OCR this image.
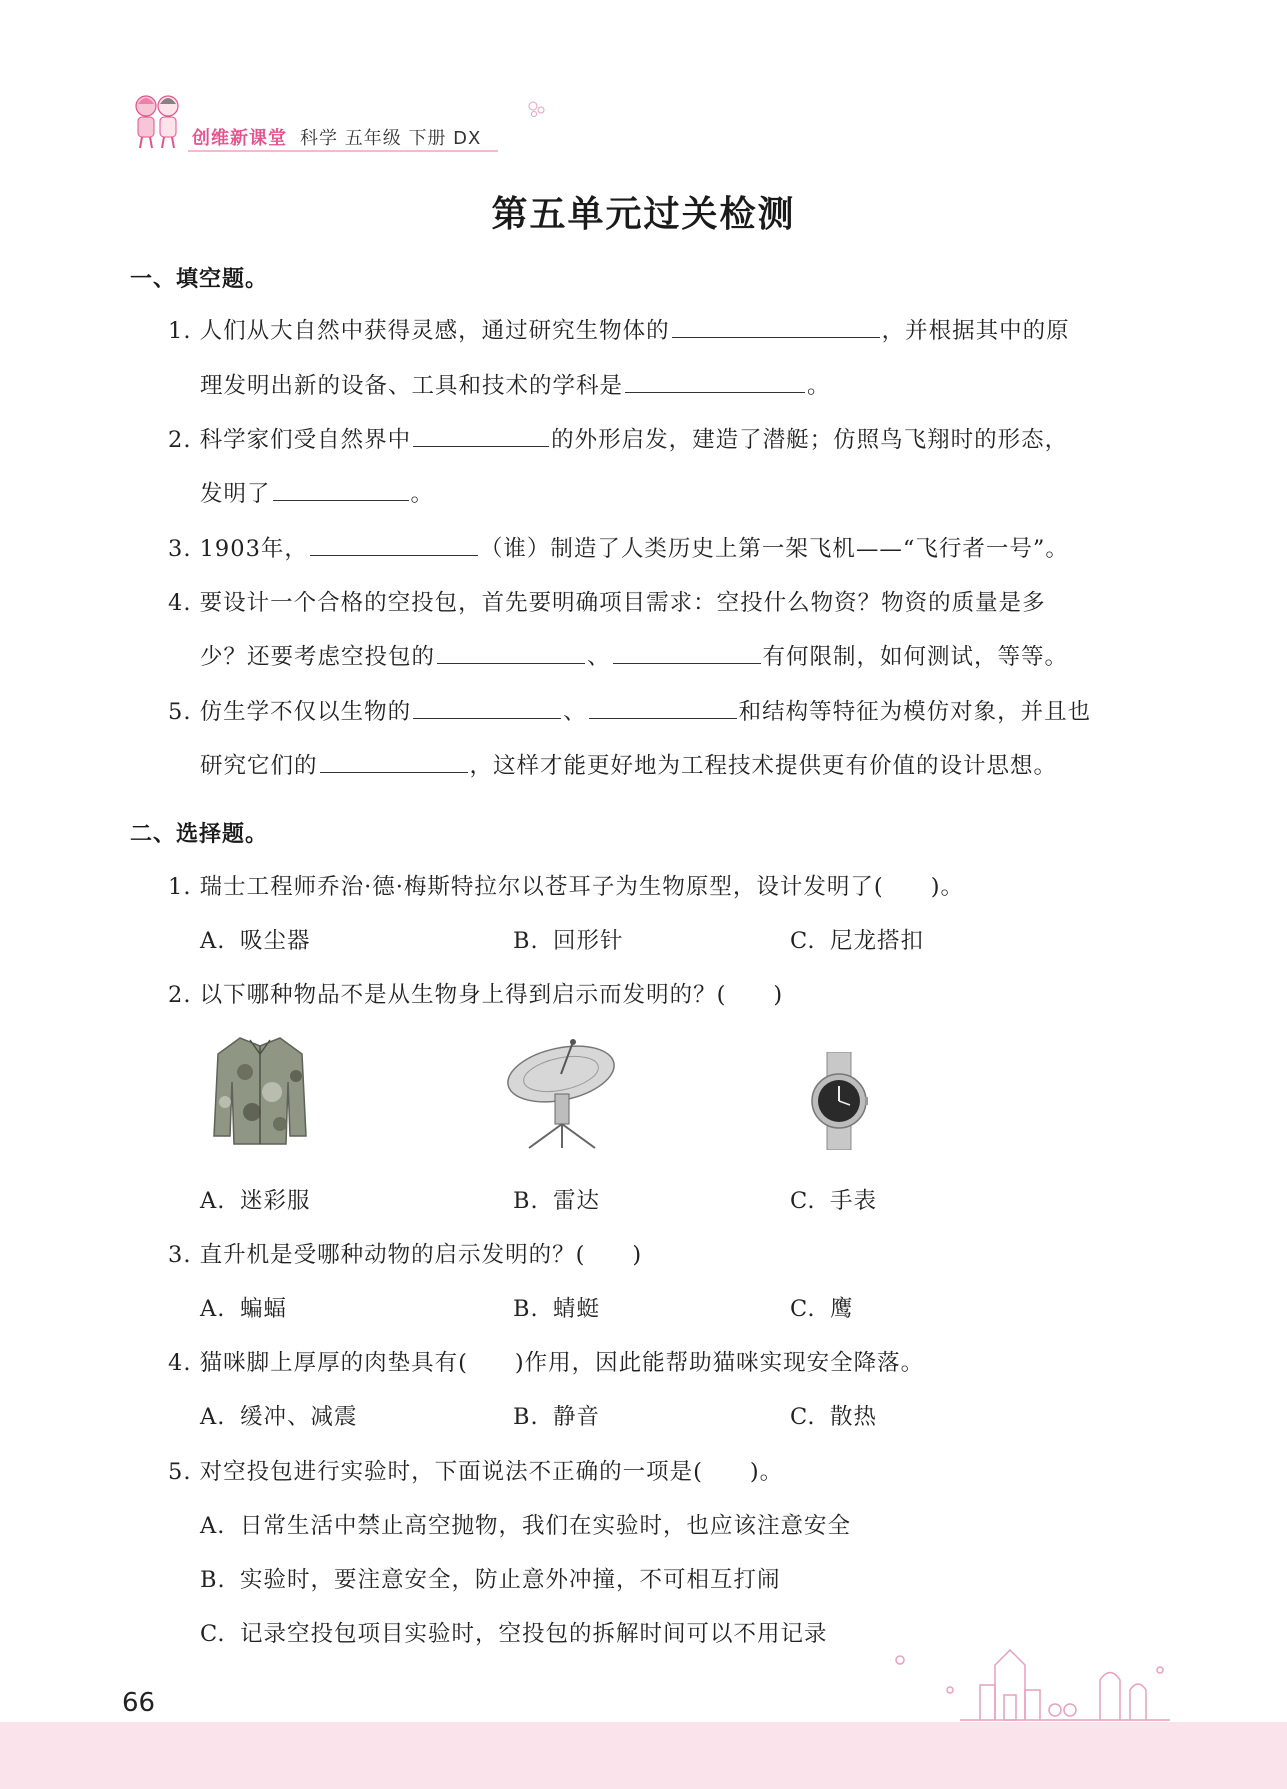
创维新课堂 科学 五年级 下册 DX
第五单元过关检测
一、填空题。
1. 人们从大自然中获得灵感，通过研究生物体的	，并根据其中的原
理发明出新的设备、工具和技术的学科是	。
2. 科学家们受自然界中	的外形启发，建造了潜艇；仿照鸟飞翔时的形态，
发明了	。
3. 1903年，	（谁）制造了人类历史上第一架飞机——“飞行者一号”。
4. 要设计一个合格的空投包，首先要明确项目需求：空投什么物资？物资的质量是多
少？还要考虑空投包的	、	有何限制，如何测试，等等。
5. 仿生学不仅以生物的	、	和结构等特征为模仿对象，并且也
研究它们的	，这样才能更好地为工程技术提供更有价值的设计思想。
二、选择题。
1. 瑞士工程师乔治·德·梅斯特拉尔以苍耳子为生物原型，设计发明了(　　)。
A. 吸尘器	B. 回形针	C. 尼龙搭扣
2. 以下哪种物品不是从生物身上得到启示而发明的？(　　)
A. 迷彩服	B. 雷达	C. 手表
3. 直升机是受哪种动物的启示发明的？(　　)
A. 蝙蝠	B. 蜻蜓	C. 鹰
4. 猫咪脚上厚厚的肉垫具有(　　)作用，因此能帮助猫咪实现安全降落。
A. 缓冲、减震	B. 静音	C. 散热
5. 对空投包进行实验时，下面说法不正确的一项是(　　)。
A. 日常生活中禁止高空抛物，我们在实验时，也应该注意安全
B. 实验时，要注意安全，防止意外冲撞，不可相互打闹
C. 记录空投包项目实验时，空投包的拆解时间可以不用记录
66
